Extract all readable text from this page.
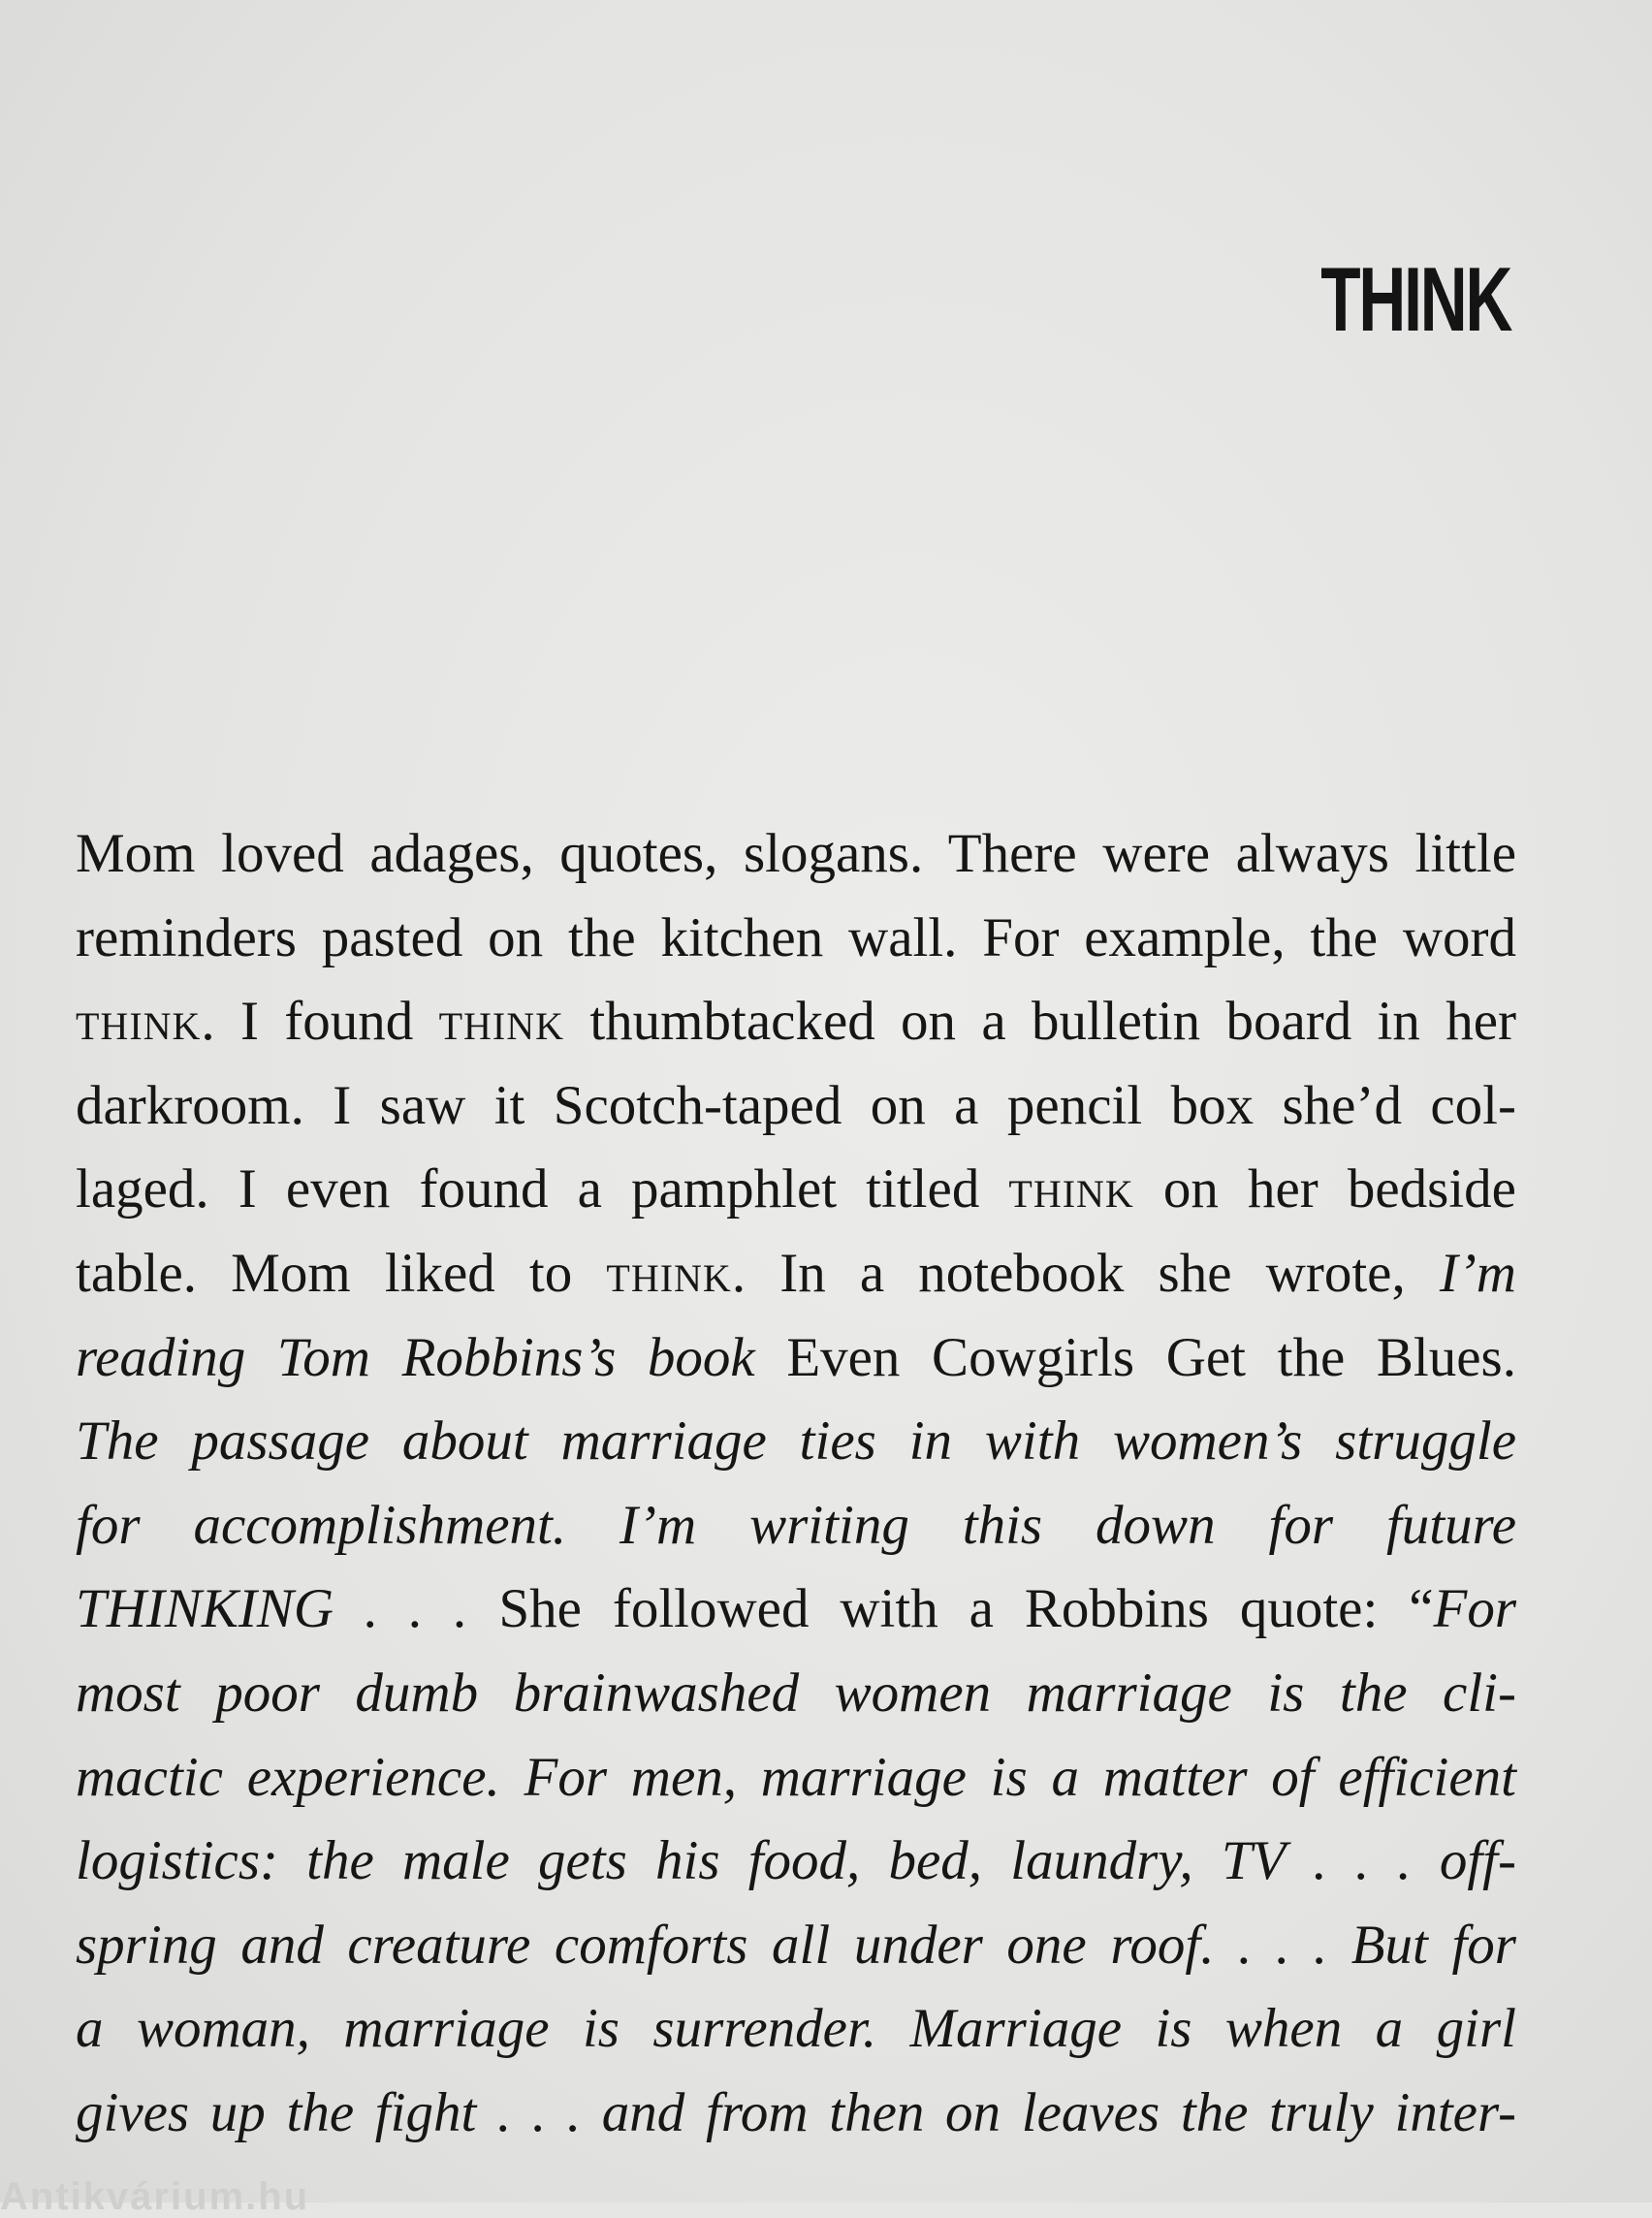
THINK
Mom loved adages, quotes, slogans. There were always little
reminders pasted on the kitchen wall. For example, the word
think. I found think thumbtacked on a bulletin board in her
darkroom. I saw it Scotch-taped on a pencil box she’d col-
laged. I even found a pamphlet titled think on her bedside
table. Mom liked to think. In a notebook she wrote, I’m
reading Tom Robbins’s book Even Cowgirls Get the Blues.
The passage about marriage ties in with women’s struggle
for accomplishment. I’m writing this down for future
THINKING . . . She followed with a Robbins quote: “For
most poor dumb brainwashed women marriage is the cli-
mactic experience. For men, marriage is a matter of efficient
logistics: the male gets his food, bed, laundry, TV . . . off-
spring and creature comforts all under one roof. . . . But for
a woman, marriage is surrender. Marriage is when a girl
gives up the fight . . . and from then on leaves the truly inter-
Antikvárium.hu
